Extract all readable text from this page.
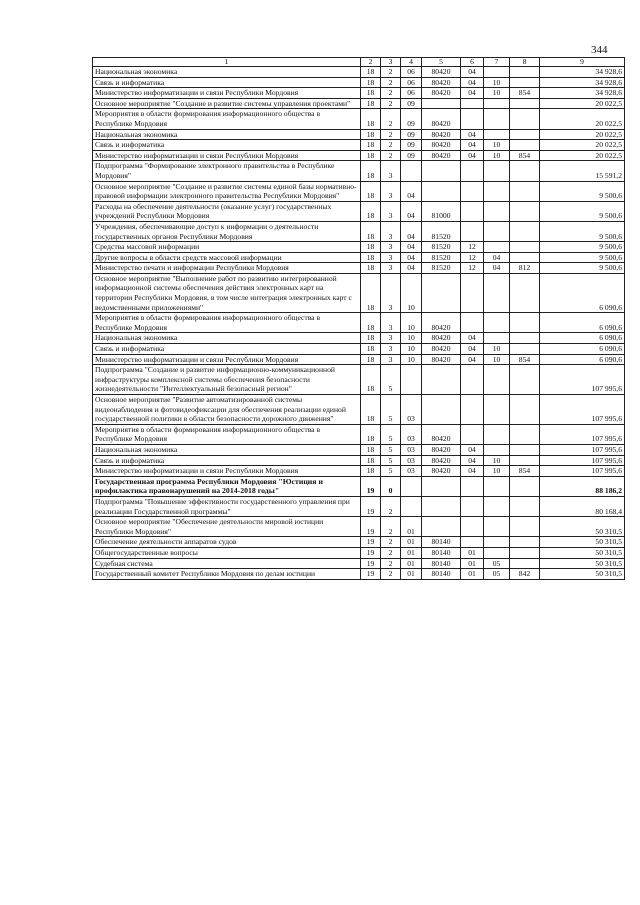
344
1	2	3	4	5	6	7	8	9
Национальная экономика	18	2	06	80420	04			34 928,6
Связь и информатика	18	2	06	80420	04	10		34 928,6
Министерство информатизации и связи Республики Мордовия	18	2	06	80420	04	10	854	34 928,6
Основное мероприятие "Создание и развитие системы управления проектами"	18	2	09					20 022,5
Мероприятия в области формирования информационного общества в Республике Мордовия	18	2	09	80420				20 022,5
Национальная экономика	18	2	09	80420	04			20 022,5
Связь и информатика	18	2	09	80420	04	10		20 022,5
Министерство информатизации и связи Республики Мордовия	18	2	09	80420	04	10	854	20 022,5
Подпрограмма "Формирование электронного правительства в Республике Мордовия"	18	3						15 591,2
Основное мероприятие "Создание и развитие системы единой базы нормативно-правовой информации электронного правительства Республики Мордовия"	18	3	04					9 500,6
Расходы на обеспечение деятельности (оказание услуг) государственных учреждений Республики Мордовия	18	3	04	81000				9 500,6
Учреждения, обеспечивающие доступ к информации о деятельности государственных органов Республики Мордовия	18	3	04	81520				9 500,6
Средства массовой информации	18	3	04	81520	12			9 500,6
Другие вопросы в области средств массовой информации	18	3	04	81520	12	04		9 500,6
Министерство печати и информации Республики Мордовия	18	3	04	81520	12	04	812	9 500,6
Основное мероприятие "Выполнение работ по развитию интегрированной информационной системы обеспечения действия электронных карт на территории Республики Мордовия, в том числе интеграция электронных карт с ведомственными приложениями"	18	3	10					6 090,6
Мероприятия в области формирования информационного общества в Республике Мордовия	18	3	10	80420				6 090,6
Национальная экономика	18	3	10	80420	04			6 090,6
Связь и информатика	18	3	10	80420	04	10		6 090,6
Министерство информатизации и связи Республики Мордовия	18	3	10	80420	04	10	854	6 090,6
Подпрограмма "Создание и развитие информационно-коммуникационной инфраструктуры комплексной системы обеспечения безопасности жизнедеятельности "Интеллектуальный безопасный регион"	18	5						107 995,6
Основное мероприятие "Развитие автоматизированной системы видеонаблюдения и фотовидеофиксации для обеспечения реализации единой государственной политики в области безопасности дорожного движения"	18	5	03					107 995,6
Мероприятия в области формирования информационного общества в Республике Мордовия	18	5	03	80420				107 995,6
Национальная экономика	18	5	03	80420	04			107 995,6
Связь и информатика	18	5	03	80420	04	10		107 995,6
Министерство информатизации и связи Республики Мордовия	18	5	03	80420	04	10	854	107 995,6
Государственная программа Республики Мордовия "Юстиция и профилактика правонарушений на 2014-2018 годы"	19	0						88 186,2
Подпрограмма "Повышение эффективности государственного управления при реализации Государственной программы"	19	2						80 168,4
Основное мероприятие "Обеспечение деятельности мировой юстиции Республики Мордовия"	19	2	01					50 310,5
Обеспечение деятельности аппаратов судов	19	2	01	80140				50 310,5
Общегосударственные вопросы	19	2	01	80140	01			50 310,5
Судебная система	19	2	01	80140	01	05		50 310,5
Государственный комитет Республики Мордовия по делам юстиции	19	2	01	80140	01	05	842	50 310,5
